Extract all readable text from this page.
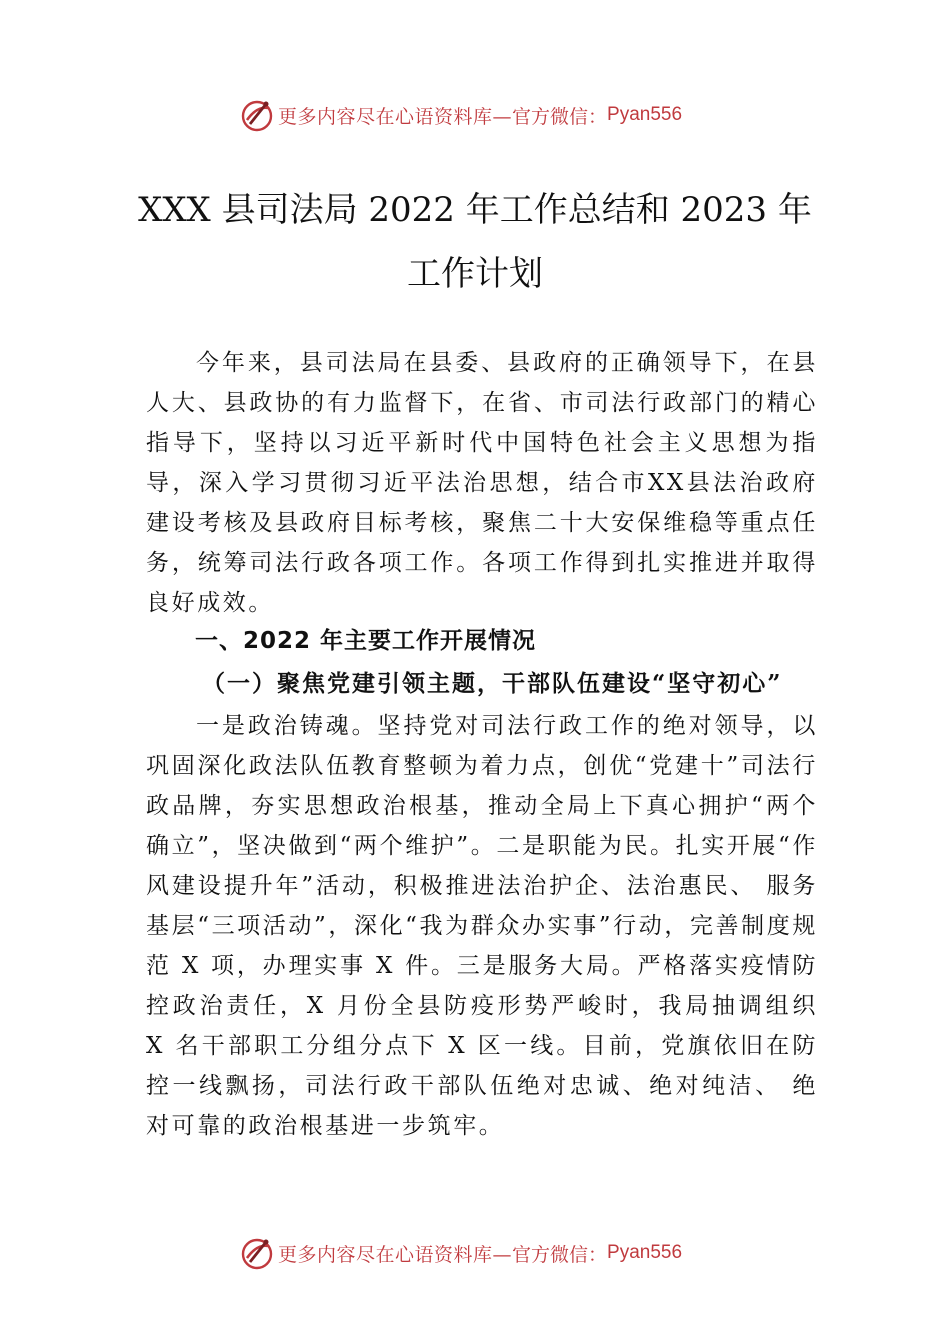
更多内容尽在心语资料库— 官方微信： Pyan556
XXX 县司法局 2022 年工作总结和 2023 年
工作计划

今年来，县司法局在县委、县政府的正确领导下，在县人大、县政协的有力监督下，在省、市司法行政部门的精心指导下，坚持以习近平新时代中国特色社会主义思想为指导，深入学习贯彻习近平法治思想，结合市XX县法治政府建设考核及县政府目标考核，聚焦二十大安保维稳等重点任务，统筹司法行政各项工作。各项工作得到扎实推进并取得良好成效。

一、2022 年主要工作开展情况
（一）聚焦党建引领主题，干部队伍建设“坚守初心”

一是政治铸魂。坚持党对司法行政工作的绝对领导，以巩固深化政法队伍教育整顿为着力点，创优“党建十”司法行政品牌，夯实思想政治根基，推动全局上下真心拥护“两个确立”，坚决做到“两个维护”。二是职能为民。扎实开展“作风建设提升年”活动，积极推进法治护企、法治惠民、 服务基层“三项活动”，深化“我为群众办实事”行动，完善制度规范 X 项，办理实事 X 件。三是服务大局。严格落实疫情防控政治责任，X 月份全县防疫形势严峻时，我局抽调组织 X 名干部职工分组分点下 X 区一线。目前，党旗依旧在防控一线飘扬，司法行政干部队伍绝对忠诚、绝对纯洁、 绝对可靠的政治根基进一步筑牢。

更多内容尽在心语资料库— 官方微信： Pyan556
